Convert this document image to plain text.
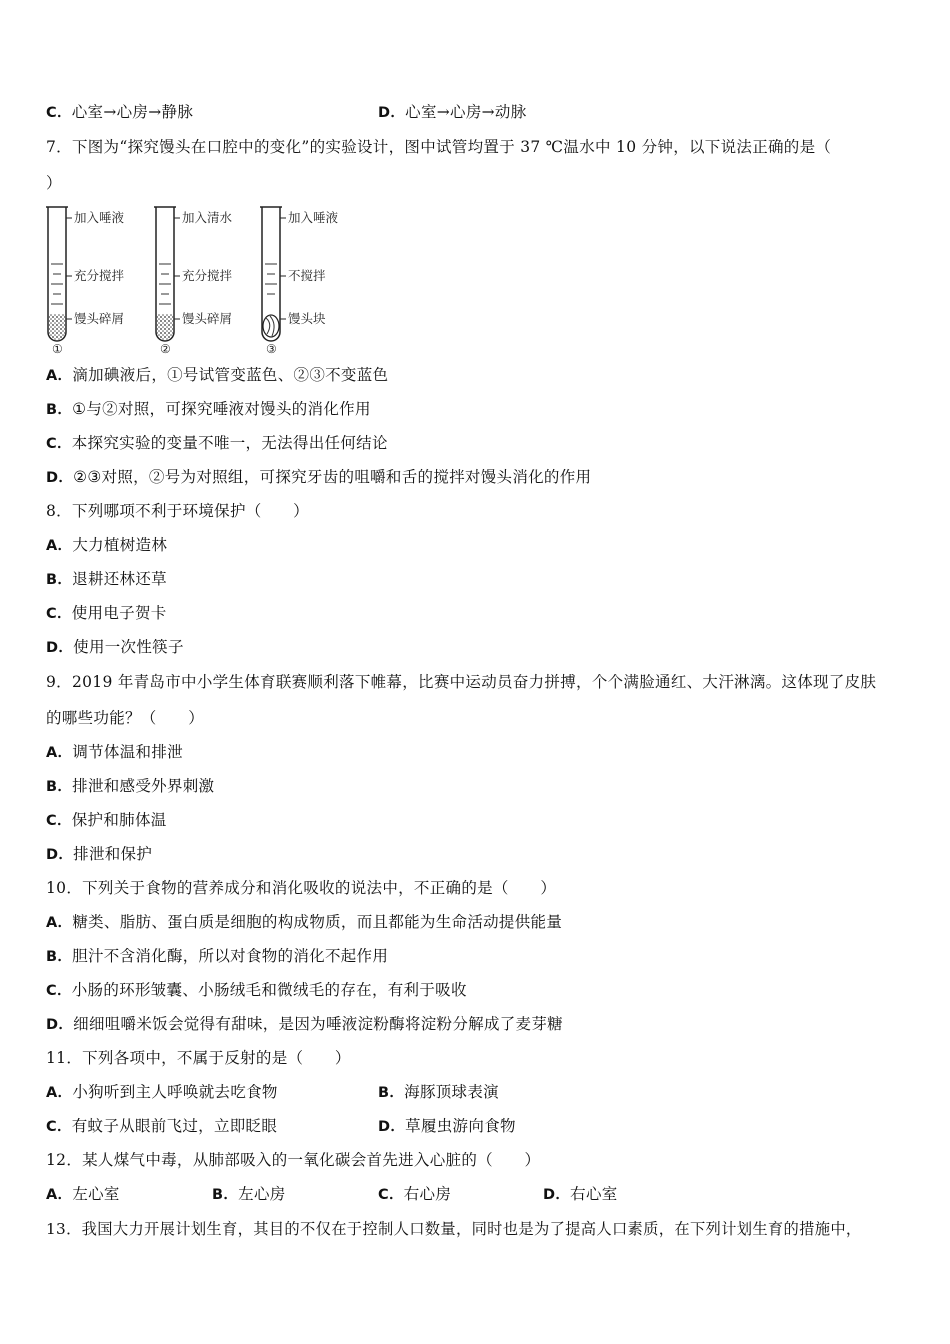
C．心室→心房→静脉	D．心室→心房→动脉
7．下图为“探究馒头在口腔中的变化”的实验设计，图中试管均置于 37 ℃温水中 10 分钟，以下说法正确的是（
）
加入唾液
充分搅拌
馒头碎屑
①
加入清水
充分搅拌
馒头碎屑
②
加入唾液
不搅拌
馒头块
③
A．滴加碘液后，①号试管变蓝色、②③不变蓝色
B．①与②对照，可探究唾液对馒头的消化作用
C．本探究实验的变量不唯一，无法得出任何结论
D．②③对照，②号为对照组，可探究牙齿的咀嚼和舌的搅拌对馒头消化的作用
8．下列哪项不利于环境保护（　　）
A．大力植树造林
B．退耕还林还草
C．使用电子贺卡
D．使用一次性筷子
9．2019 年青岛市中小学生体育联赛顺利落下帷幕，比赛中运动员奋力拼搏，个个满脸通红、大汗淋漓。这体现了皮肤
的哪些功能？（　　）
A．调节体温和排泄
B．排泄和感受外界刺激
C．保护和肺体温
D．排泄和保护
10．下列关于食物的营养成分和消化吸收的说法中，不正确的是（　　）
A．糖类、脂肪、蛋白质是细胞的构成物质，而且都能为生命活动提供能量
B．胆汁不含消化酶，所以对食物的消化不起作用
C．小肠的环形皱囊、小肠绒毛和微绒毛的存在，有利于吸收
D．细细咀嚼米饭会觉得有甜味，是因为唾液淀粉酶将淀粉分解成了麦芽糖
11．下列各项中，不属于反射的是（　　）
A．小狗听到主人呼唤就去吃食物	B．海豚顶球表演
C．有蚊子从眼前飞过，立即眨眼	D．草履虫游向食物
12．某人煤气中毒，从肺部吸入的一氧化碳会首先进入心脏的（　　）
A．左心室	B．左心房	C．右心房	D．右心室
13．我国大力开展计划生育，其目的不仅在于控制人口数量，同时也是为了提高人口素质，在下列计划生育的措施中，
